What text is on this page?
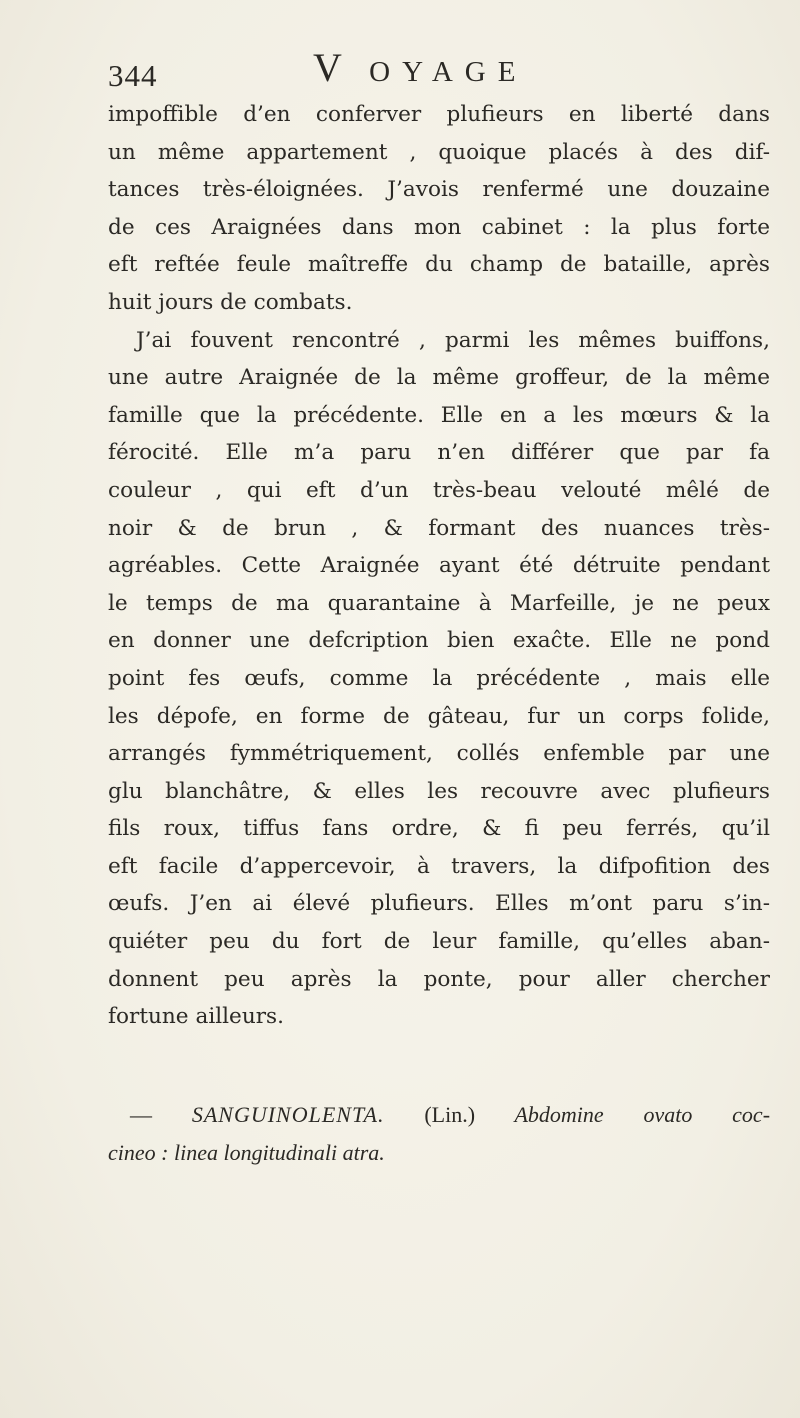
344	V OYAGE
impoffible d’en conferver plufieurs en liberté dans
un même appartement , quoique placés à des dif-
tances très-éloignées. J’avois renfermé une douzaine
de ces Araignées dans mon cabinet : la plus forte
eft reftée feule maîtreffe du champ de bataille, après
huit jours de combats.
J’ai fouvent rencontré , parmi les mêmes buiffons,
une autre Araignée de la même groffeur, de la même
famille que la précédente. Elle en a les mœurs & la
férocité. Elle m’a paru n’en différer que par fa
couleur , qui eft d’un très-beau velouté mêlé de
noir & de brun , & formant des nuances très-
agréables. Cette Araignée ayant été détruite pendant
le temps de ma quarantaine à Marfeille, je ne peux
en donner une defcription bien exaĉte. Elle ne pond
point fes œufs, comme la précédente , mais elle
les dépofe, en forme de gâteau, fur un corps folide,
arrangés fymmétriquement, collés enfemble par une
glu blanchâtre, & elles les recouvre avec plufieurs
fils roux, tiffus fans ordre, & fi peu ferrés, qu’il
eft facile d’appercevoir, à travers, la difpofition des
œufs. J’en ai élevé plufieurs. Elles m’ont paru s’in-
quiéter peu du fort de leur famille, qu’elles aban-
donnent peu après la ponte, pour aller chercher
fortune ailleurs.
— SANGUINOLENTA. (Lin.) Abdomine ovato coc-
cineo : linea longitudinali atra.
